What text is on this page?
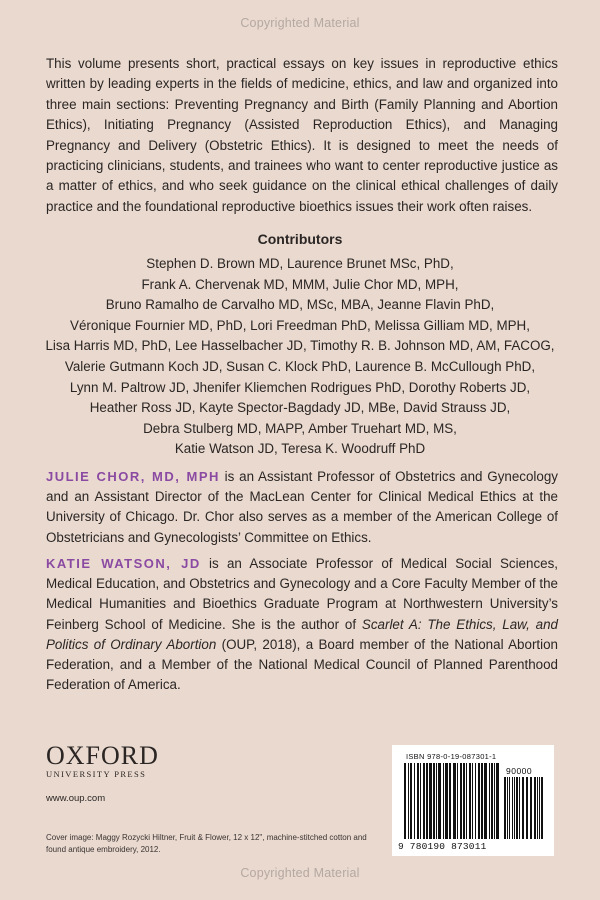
Copyrighted Material

This volume presents short, practical essays on key issues in reproductive ethics written by leading experts in the fields of medicine, ethics, and law and organized into three main sections: Preventing Pregnancy and Birth (Family Planning and Abortion Ethics), Initiating Pregnancy (Assisted Reproduction Ethics), and Managing Pregnancy and Delivery (Obstetric Ethics). It is designed to meet the needs of practicing clinicians, students, and trainees who want to center reproductive justice as a matter of ethics, and who seek guidance on the clinical ethical challenges of daily practice and the foundational reproductive bioethics issues their work often raises.

Contributors
Stephen D. Brown MD, Laurence Brunet MSc, PhD,
Frank A. Chervenak MD, MMM, Julie Chor MD, MPH,
Bruno Ramalho de Carvalho MD, MSc, MBA, Jeanne Flavin PhD,
Véronique Fournier MD, PhD, Lori Freedman PhD, Melissa Gilliam MD, MPH,
Lisa Harris MD, PhD, Lee Hasselbacher JD, Timothy R. B. Johnson MD, AM, FACOG,
Valerie Gutmann Koch JD, Susan C. Klock PhD, Laurence B. McCullough PhD,
Lynn M. Paltrow JD, Jhenifer Kliemchen Rodrigues PhD, Dorothy Roberts JD,
Heather Ross JD, Kayte Spector-Bagdady JD, MBe, David Strauss JD,
Debra Stulberg MD, MAPP, Amber Truehart MD, MS,
Katie Watson JD, Teresa K. Woodruff PhD

JULIE CHOR, MD, MPH is an Assistant Professor of Obstetrics and Gynecology and an Assistant Director of the MacLean Center for Clinical Medical Ethics at the University of Chicago. Dr. Chor also serves as a member of the American College of Obstetricians and Gynecologists’ Committee on Ethics.

KATIE WATSON, JD is an Associate Professor of Medical Social Sciences, Medical Education, and Obstetrics and Gynecology and a Core Faculty Member of the Medical Humanities and Bioethics Graduate Program at Northwestern University’s Feinberg School of Medicine. She is the author of Scarlet A: The Ethics, Law, and Politics of Ordinary Abortion (OUP, 2018), a Board member of the National Abortion Federation, and a Member of the National Medical Council of Planned Parenthood Federation of America.

OXFORD
UNIVERSITY PRESS
www.oup.com

Cover image: Maggy Rozycki Hiltner, Fruit & Flower, 12 x 12", machine-stitched cotton and found antique embroidery, 2012.

ISBN 978-0-19-087301-1
90000
9 780190 873011
Copyrighted Material
